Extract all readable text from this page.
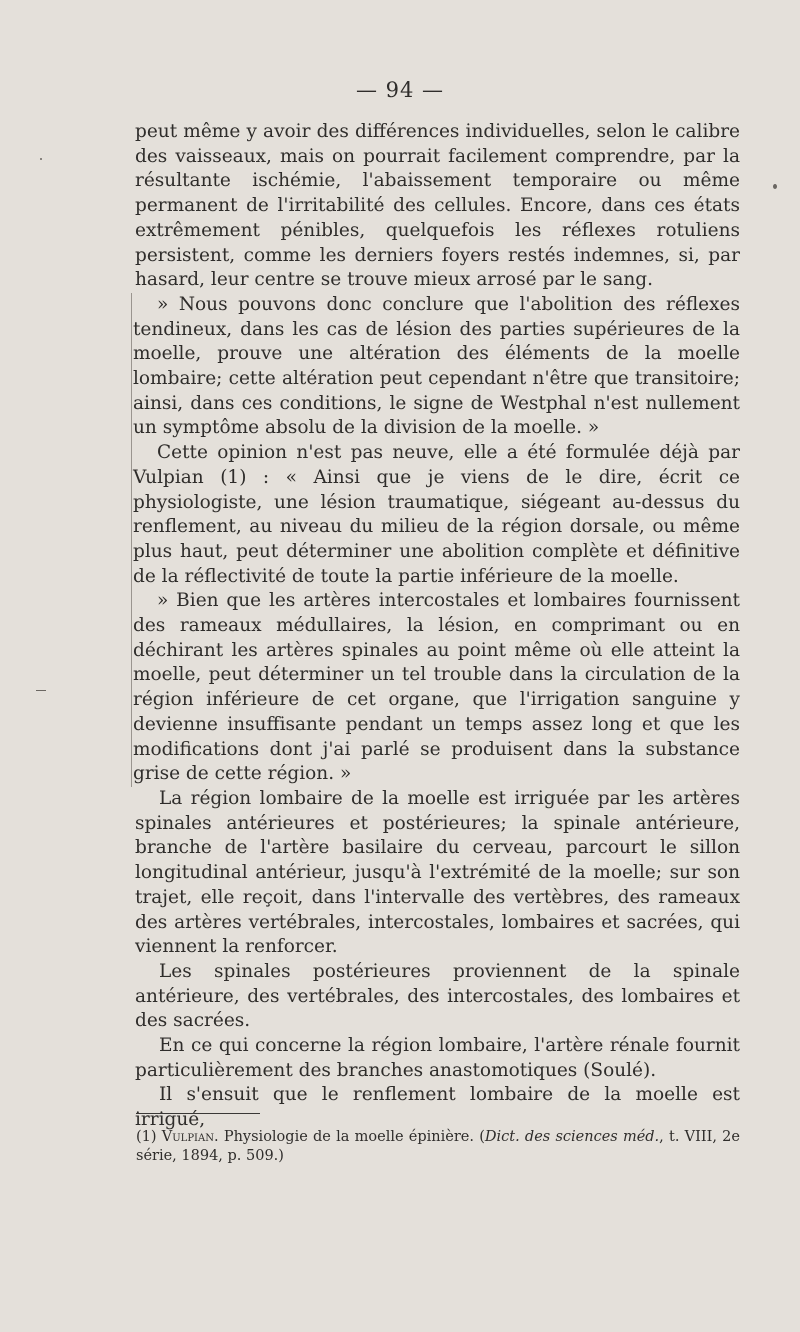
— 94 —

peut même y avoir des différences individuelles, selon le calibre des vaisseaux, mais on pourrait facilement comprendre, par la résultante ischémie, l'abaissement temporaire ou même permanent de l'irritabilité des cellules. Encore, dans ces états extrêmement pénibles, quelquefois les réflexes rotuliens persistent, comme les derniers foyers restés indemnes, si, par hasard, leur centre se trouve mieux arrosé par le sang.

» Nous pouvons donc conclure que l'abolition des réflexes tendineux, dans les cas de lésion des parties supérieures de la moelle, prouve une altération des éléments de la moelle lombaire; cette altération peut cependant n'être que transitoire; ainsi, dans ces conditions, le signe de Westphal n'est nullement un symptôme absolu de la division de la moelle. »

Cette opinion n'est pas neuve, elle a été formulée déjà par Vulpian (1) : « Ainsi que je viens de le dire, écrit ce physiologiste, une lésion traumatique, siégeant au-dessus du renflement, au niveau du milieu de la région dorsale, ou même plus haut, peut déterminer une abolition complète et définitive de la réflectivité de toute la partie inférieure de la moelle.

» Bien que les artères intercostales et lombaires fournissent des rameaux médullaires, la lésion, en comprimant ou en déchirant les artères spinales au point même où elle atteint la moelle, peut déterminer un tel trouble dans la circulation de la région inférieure de cet organe, que l'irrigation sanguine y devienne insuffisante pendant un temps assez long et que les modifications dont j'ai parlé se produisent dans la substance grise de cette région. »

La région lombaire de la moelle est irriguée par les artères spinales antérieures et postérieures; la spinale antérieure, branche de l'artère basilaire du cerveau, parcourt le sillon longitudinal antérieur, jusqu'à l'extrémité de la moelle; sur son trajet, elle reçoit, dans l'intervalle des vertèbres, des rameaux des artères vertébrales, intercostales, lombaires et sacrées, qui viennent la renforcer.

Les spinales postérieures proviennent de la spinale antérieure, des vertébrales, des intercostales, des lombaires et des sacrées.

En ce qui concerne la région lombaire, l'artère rénale fournit particulièrement des branches anastomotiques (Soulé).

Il s'ensuit que le renflement lombaire de la moelle est irrigué,

(1) Vulpian. Physiologie de la moelle épinière. (Dict. des sciences méd., t. VIII, 2e série, 1894, p. 509.)
